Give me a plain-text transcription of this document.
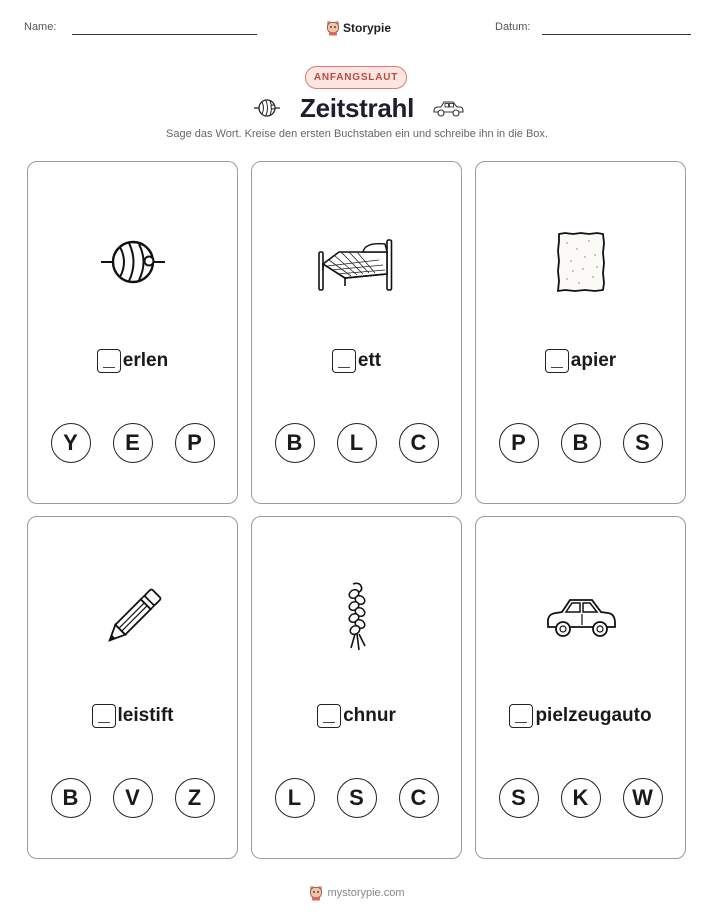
Name:	Storypie	Datum:
ANFANGSLAUT
Zeitstrahl
Sage das Wort. Kreise den ersten Buchstaben ein und schreibe ihn in die Box.
erlen
Y	E	P
ett
B	L	C
apier
P	B	S
leistift
B	V	Z
chnur
L	S	C
pielzeugauto
S	K	W
mystorypie.com
